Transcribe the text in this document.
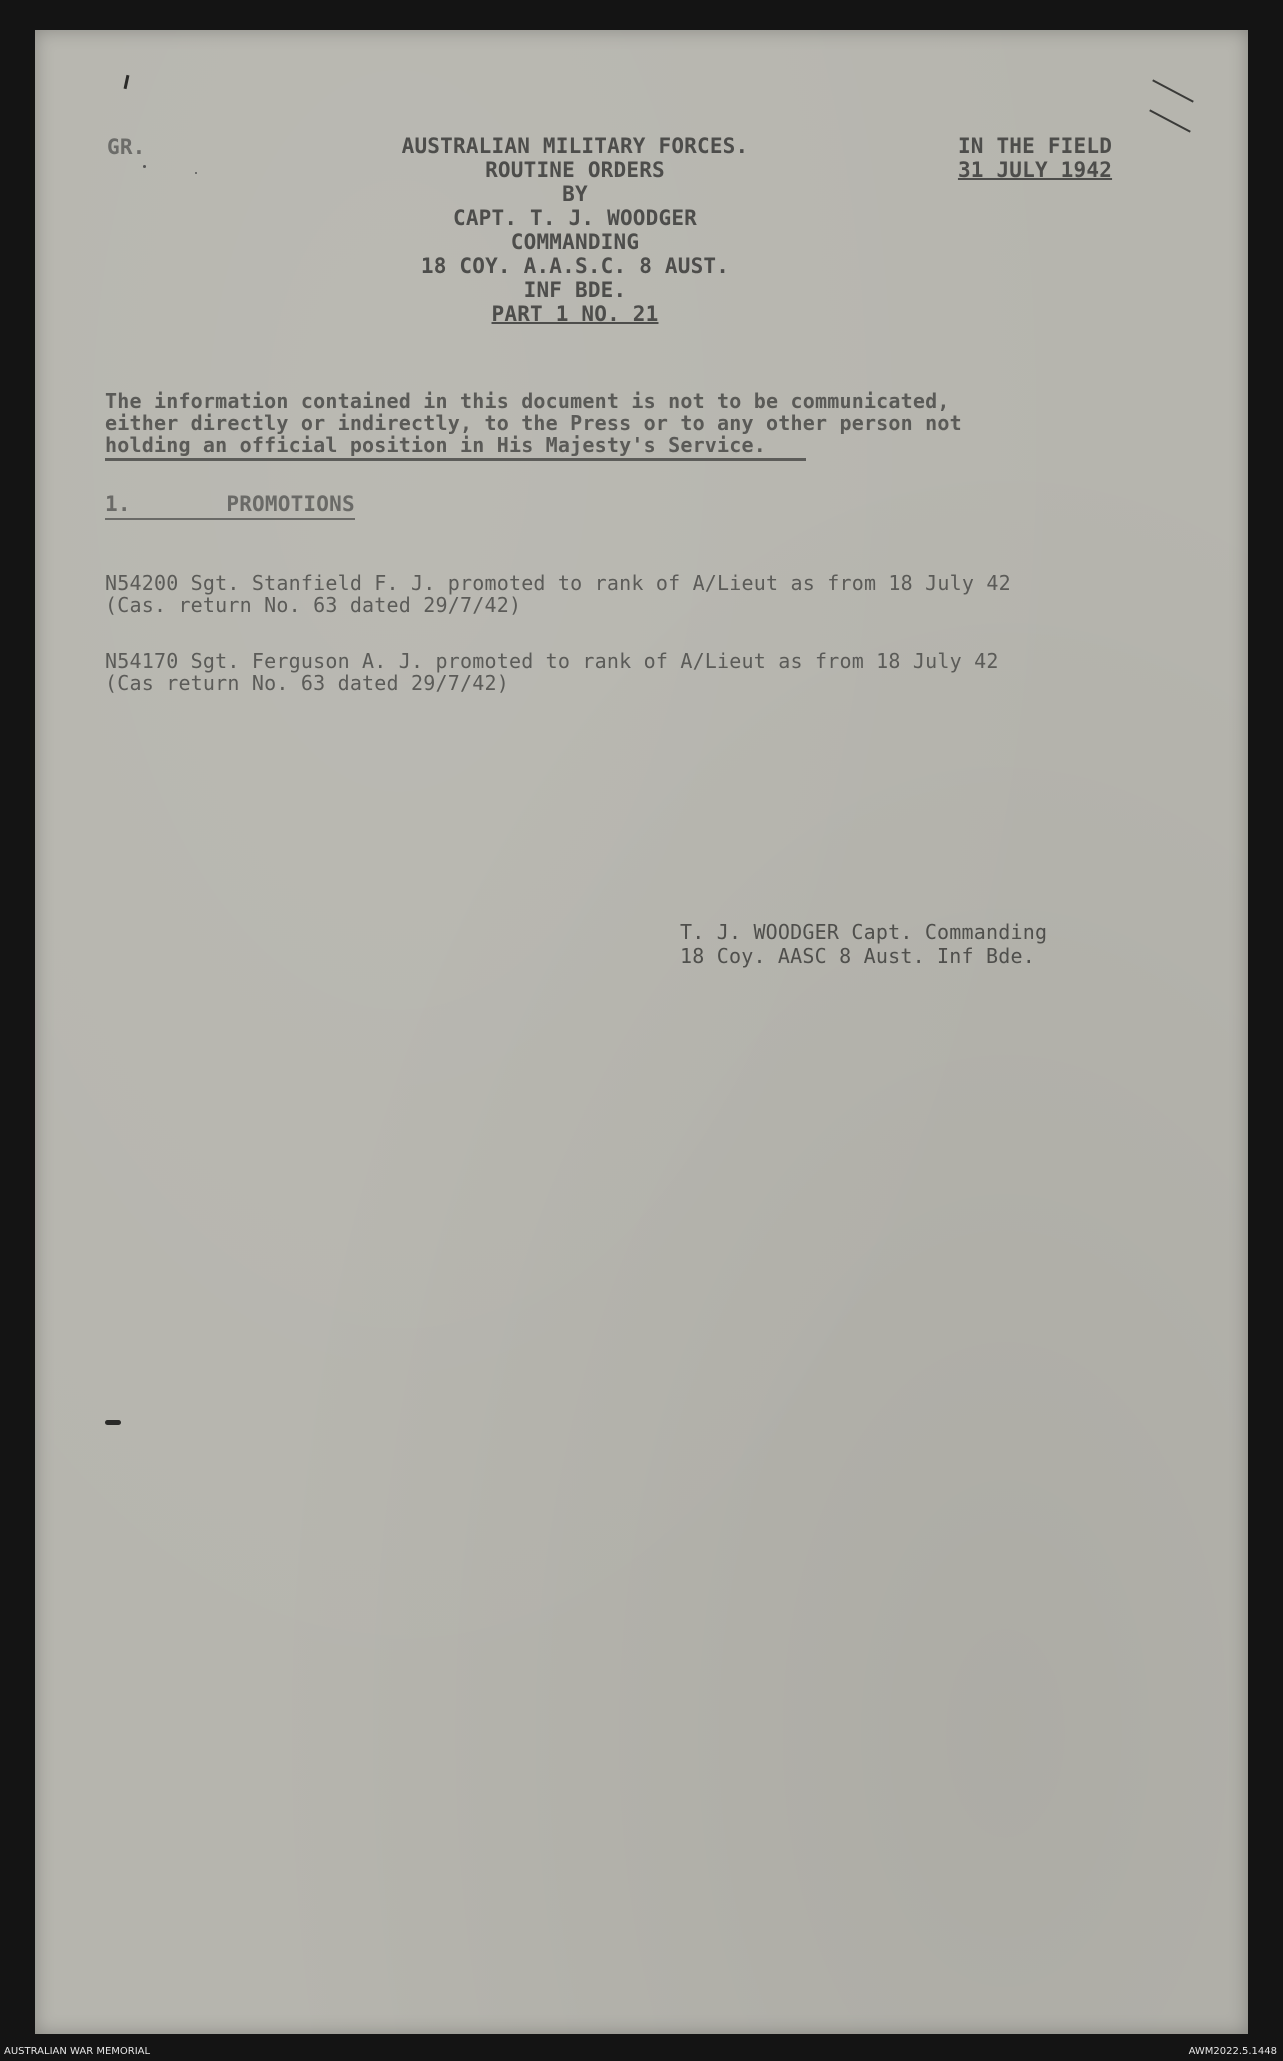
GR.	AUSTRALIAN MILITARY FORCES.
ROUTINE ORDERS
BY
CAPT. T. J. WOODGER
COMMANDING
18 COY. A.A.S.C. 8 AUST.
INF BDE.
PART 1 NO. 21
IN THE FIELD
31 JULY 1942
The information contained in this document is not to be communicated,
either directly or indirectly, to the Press or to any other person not
holding an official position in His Majesty's Service.
1.	PROMOTIONS
N54200 Sgt. Stanfield F. J. promoted to rank of A/Lieut as from 18 July 42
(Cas. return No. 63 dated 29/7/42)
N54170 Sgt. Ferguson A. J. promoted to rank of A/Lieut as from 18 July 42
(Cas return No. 63 dated 29/7/42)
T. J. WOODGER Capt. Commanding
18 Coy. AASC 8 Aust. Inf Bde.
AUSTRALIAN WAR MEMORIAL	AWM2022.5.1448
